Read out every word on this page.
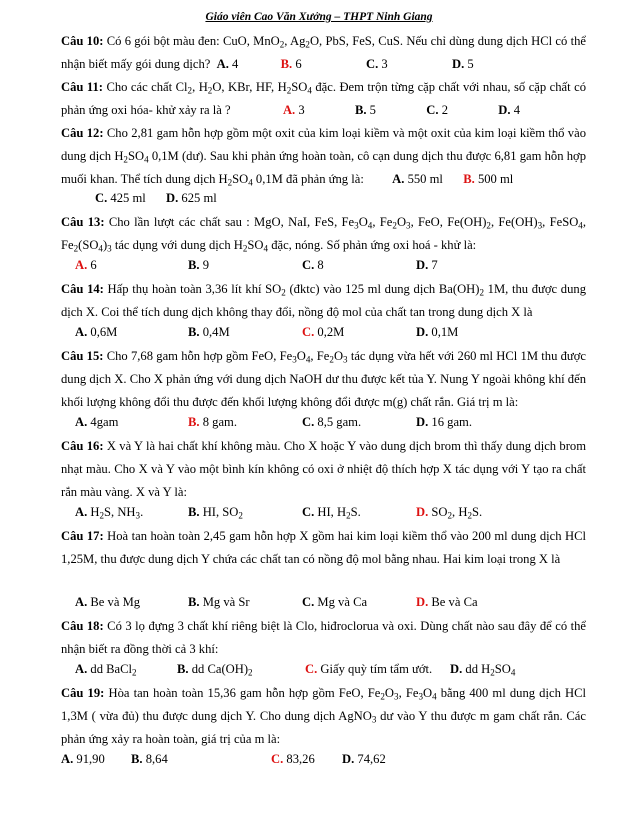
Giáo viên Cao Văn Xưởng – THPT Ninh Giang

Câu 10: Có 6 gói bột màu đen: CuO, MnO$_2$, $Ag_2O$, PbS, FeS, CuS. Nếu chỉ dùng dung dịch HCl có thể nhận biết mấy gói dung dịch?  A. 4	B. 6	C. 3	D. 5

Câu 11: Cho các chất $Cl_2$, $H_2O$, KBr, HF, $H_2SO_4$ đặc. Đem trộn từng cặp chất với nhau, số cặp chất có phản ứng oxi hóa- khử xảy ra là ?	A. 3	B. 5	C. 2	D. 4

Câu 12: Cho 2,81 gam hỗn hợp gồm một oxit của kim loại kiềm và một oxit của kim loại kiềm thổ vào dung dịch $H_2SO_4$ 0,1M (dư). Sau khi phản ứng hoàn toàn, cô cạn dung dịch thu được 6,81 gam hỗn hợp muối khan. Thể tích dung dịch $H_2SO_4$ 0,1M đã phản ứng là:  A. 550 ml B. 500 ml

C. 425 ml D. 625 ml

Câu 13: Cho lần lượt các chất sau : MgO, NaI, FeS, $Fe_3O_4$, $Fe_2O_3$, FeO, $Fe(OH)_2$, $Fe(OH)_3$, FeSO$_4$, $Fe_2(SO_4)_3$ tác dụng với dung dịch $H_2SO_4$ đặc, nóng. Số phản ứng oxi hoá - khử là:

A. 6	B. 9	C. 8	D. 7

Câu 14: Hấp thụ hoàn toàn 3,36 lít khí $SO_2$ (đktc) vào 125 ml dung dịch $Ba(OH)_2$ 1M, thu được dung dịch X. Coi thể tích dung dịch không thay đổi, nồng độ mol của chất tan trong dung dịch X là

A. 0,6M	B. 0,4M	C. 0,2M	D. 0,1M

Câu 15: Cho 7,68 gam hỗn hợp gồm FeO, $Fe_3O_4$, $Fe_2O_3$ tác dụng vừa hết với 260 ml HCl 1M thu được dung dịch X. Cho X phản ứng với dung dịch NaOH dư thu được kết tủa Y. Nung Y ngoài không khí đến khối lượng không đổi thu được đến khối lượng không đổi được m(g) chất rắn. Giá trị m là:

A. 4gam	B. 8 gam.	C. 8,5 gam.	D. 16 gam.

Câu 16: X và Y là hai chất khí không màu. Cho X hoặc Y vào dung dịch brom thì thấy dung dịch brom nhạt màu. Cho X và Y vào một bình kín không có oxi ở nhiệt độ thích hợp X tác dụng với Y tạo ra chất rắn màu vàng. X và Y là:

A. $H_2S$, $NH_3$.	B. HI, $SO_2$	C. HI, $H_2S$.	D. $SO_2$, $H_2S$.

Câu 17: Hoà tan hoàn toàn 2,45 gam hỗn hợp X gồm hai kim loại kiềm thổ vào 200 ml dung dịch HCl 1,25M, thu được dung dịch Y chứa các chất tan có nồng độ mol bằng nhau. Hai kim loại trong X là

A. Be và Mg	B. Mg và Sr	C. Mg và Ca	D. Be và Ca

Câu 18: Có 3 lọ đựng 3 chất khí riêng biệt là Clo, hiđroclorua và oxi. Dùng chất nào sau đây để có thể nhận biết ra đồng thời cả 3 khí:

A. dd BaCl$_2$	B. dd $Ca(OH)_2$	C. Giấy quỳ tím tẩm ướt. D. dd $H_2SO_4$

Câu 19: Hòa tan hoàn toàn 15,36 gam hỗn hợp gồm FeO, $Fe_2O_3$, $Fe_3O_4$ bằng 400 ml dung dịch HCl 1,3M ( vừa đủ) thu được dung dịch Y. Cho dung dịch AgNO$_3$ dư vào Y thu được m gam chất rắn. Các phản ứng xảy ra hoàn toàn, giá trị của m là:

A. 91,90 B. 8,64	C. 83,26 D. 74,62
